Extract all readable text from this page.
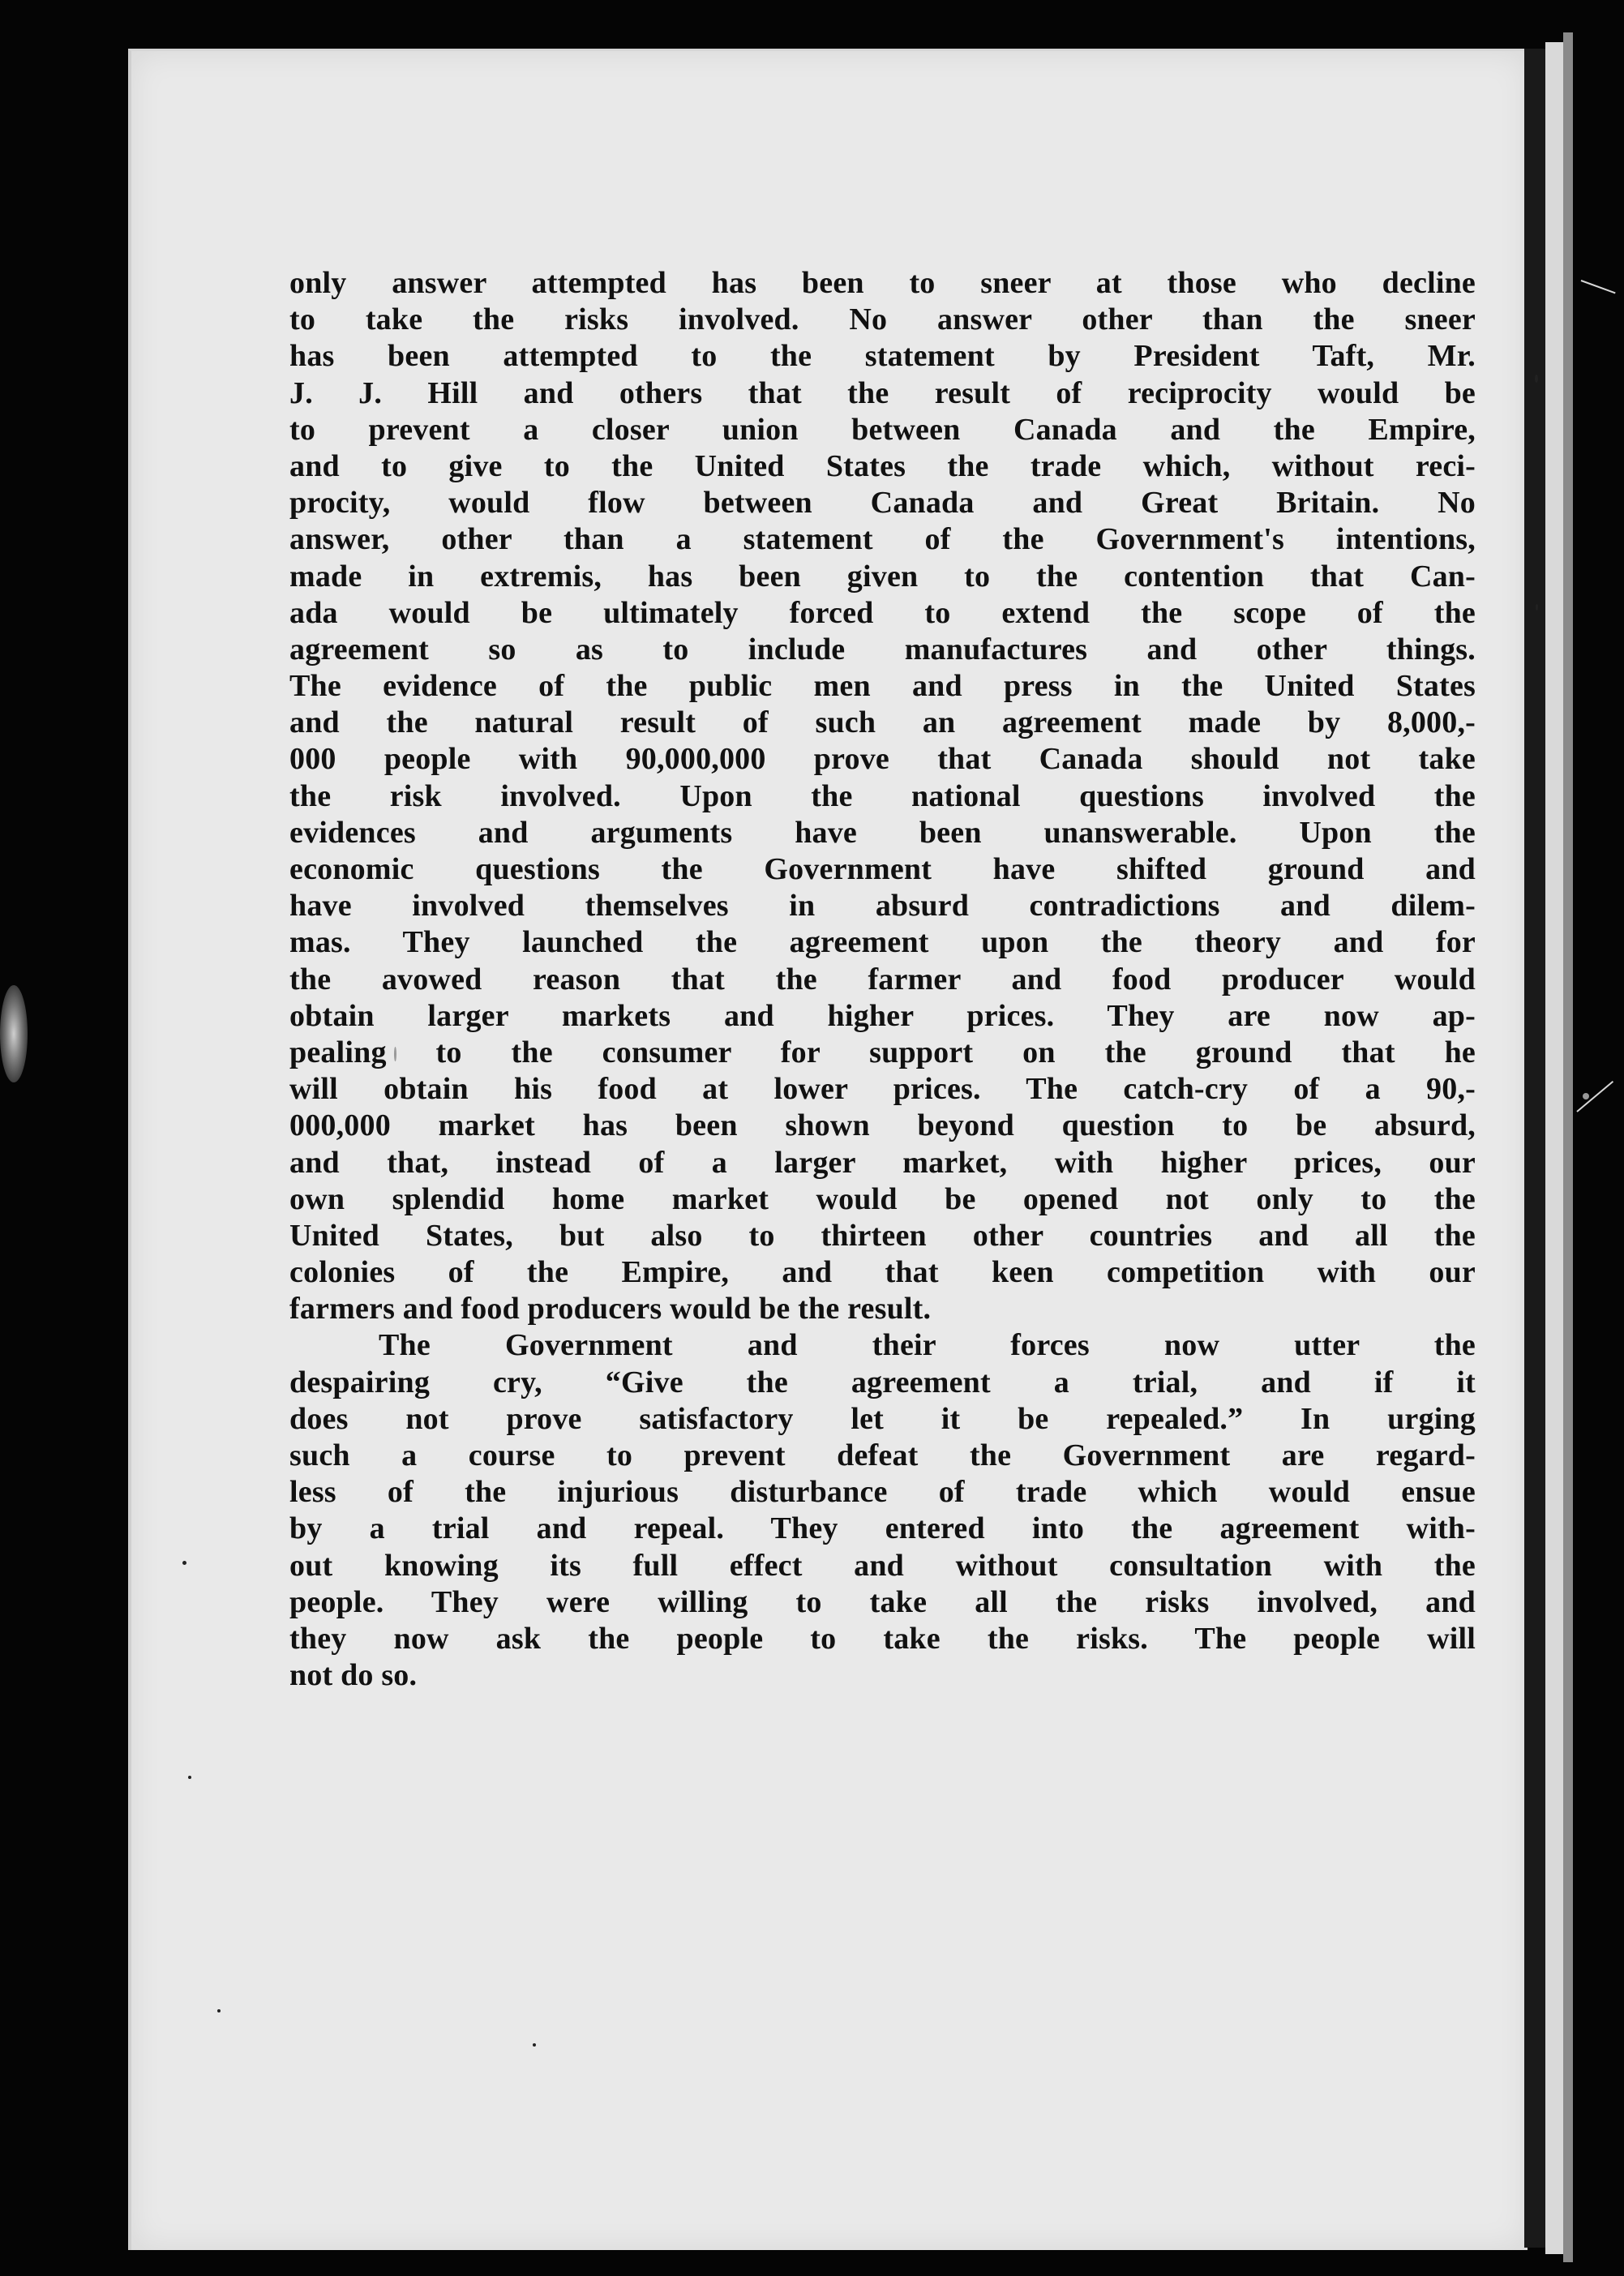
only answer attempted has been to sneer at those who decline
to take the risks involved. No answer other than the sneer
has been attempted to the statement by President Taft, Mr.
J. J. Hill and others that the result of reciprocity would be
to prevent a closer union between Canada and the Empire,
and to give to the United States the trade which, without reci-
procity, would flow between Canada and Great Britain. No
answer, other than a statement of the Government's intentions,
made in extremis, has been given to the contention that Can-
ada would be ultimately forced to extend the scope of the
agreement so as to include manufactures and other things.
The evidence of the public men and press in the United States
and the natural result of such an agreement made by 8,000,-
000 people with 90,000,000 prove that Canada should not take
the risk involved. Upon the national questions involved the
evidences and arguments have been unanswerable. Upon the
economic questions the Government have shifted ground and
have involved themselves in absurd contradictions and dilem-
mas. They launched the agreement upon the theory and for
the avowed reason that the farmer and food producer would
obtain larger markets and higher prices. They are now ap-
pealing to the consumer for support on the ground that he
will obtain his food at lower prices. The catch-cry of a 90,-
000,000 market has been shown beyond question to be absurd,
and that, instead of a larger market, with higher prices, our
own splendid home market would be opened not only to the
United States, but also to thirteen other countries and all the
colonies of the Empire, and that keen competition with our
farmers and food producers would be the result.
The Government and their forces now utter the
despairing cry, “Give the agreement a trial, and if it
does not prove satisfactory let it be repealed.” In urging
such a course to prevent defeat the Government are regard-
less of the injurious disturbance of trade which would ensue
by a trial and repeal. They entered into the agreement with-
out knowing its full effect and without consultation with the
people. They were willing to take all the risks involved, and
they now ask the people to take the risks. The people will
not do so.
